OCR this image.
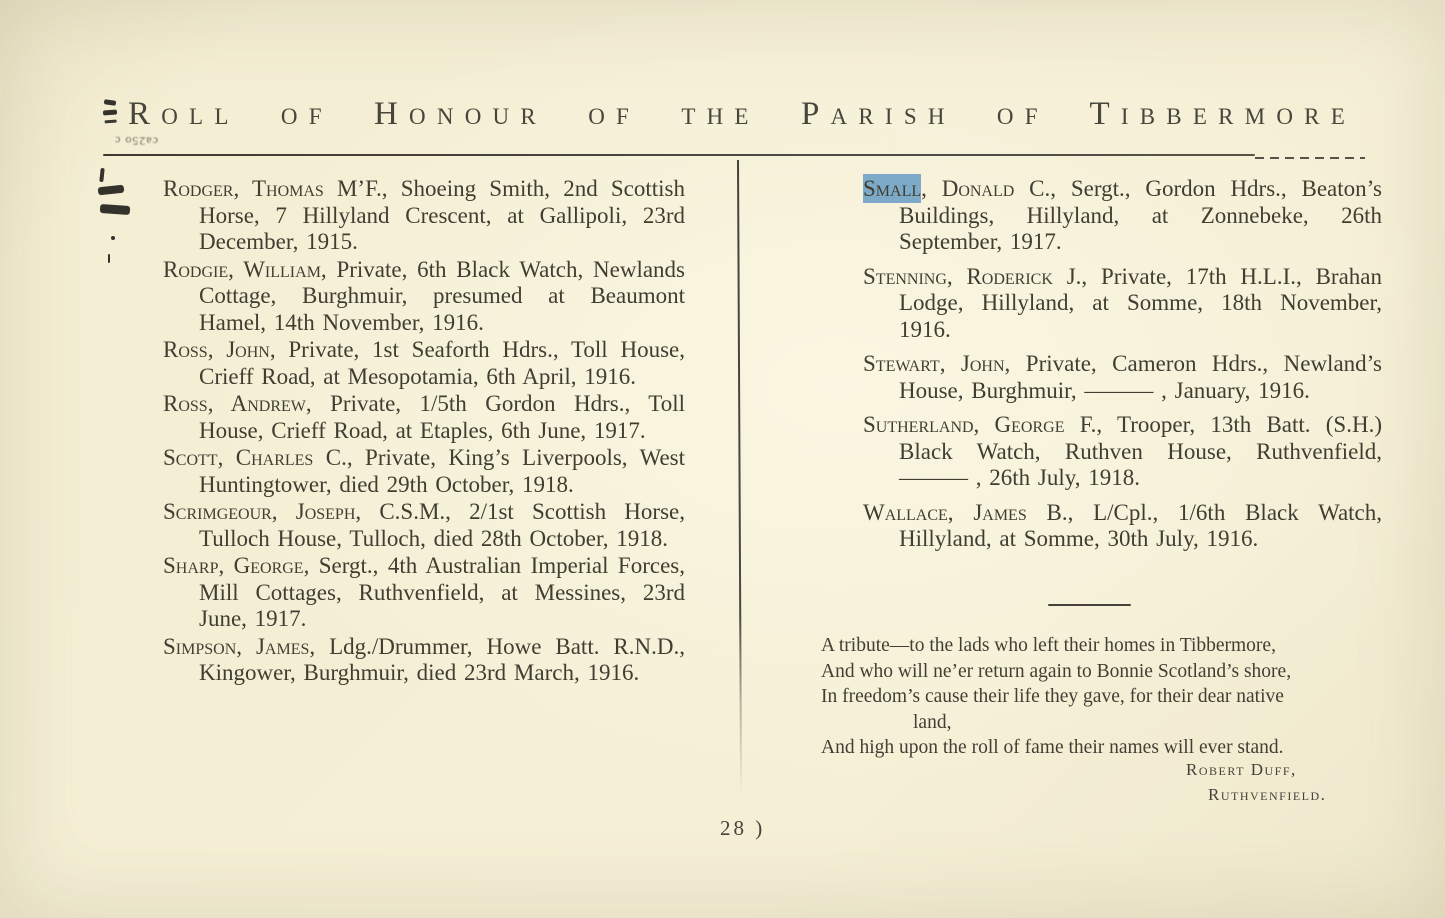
Roll of Honour of the Parish of Tibbermore

Rodger, Thomas M’F., Shoeing Smith, 2nd Scottish Horse, 7 Hillyland Crescent, at Gallipoli, 23rd December, 1915.

Rodgie, William, Private, 6th Black Watch, Newlands Cottage, Burghmuir, presumed at Beaumont Hamel, 14th November, 1916.

Ross, John, Private, 1st Seaforth Hdrs., Toll House, Crieff Road, at Mesopotamia, 6th April, 1916.

Ross, Andrew, Private, 1/5th Gordon Hdrs., Toll House, Crieff Road, at Etaples, 6th June, 1917.

Scott, Charles C., Private, King’s Liverpools, West Huntingtower, died 29th October, 1918.

Scrimgeour, Joseph, C.S.M., 2/1st Scottish Horse, Tulloch House, Tulloch, died 28th October, 1918.

Sharp, George, Sergt., 4th Australian Imperial Forces, Mill Cottages, Ruthvenfield, at Messines, 23rd June, 1917.

Simpson, James, Ldg./Drummer, Howe Batt. R.N.D., Kingower, Burghmuir, died 23rd March, 1916.

Small, Donald C., Sergt., Gordon Hdrs., Beaton’s Buildings, Hillyland, at Zonnebeke, 26th September, 1917.

Stenning, Roderick J., Private, 17th H.L.I., Brahan Lodge, Hillyland, at Somme, 18th November, 1916.

Stewart, John, Private, Cameron Hdrs., Newland’s House, Burghmuir, ——— , January, 1916.

Sutherland, George F., Trooper, 13th Batt. (S.H.) Black Watch, Ruthven House, Ruthvenfield, ——— , 26th July, 1918.

Wallace, James B., L/Cpl., 1/6th Black Watch, Hillyland, at Somme, 30th July, 1916.

A tribute—to the lads who left their homes in Tibbermore,
And who will ne’er return again to Bonnie Scotland’s shore,
In freedom’s cause their life they gave, for their dear native
land,
And high upon the roll of fame their names will ever stand.
Robert Duff,
Ruthvenfield.
28 )
ca25o c
